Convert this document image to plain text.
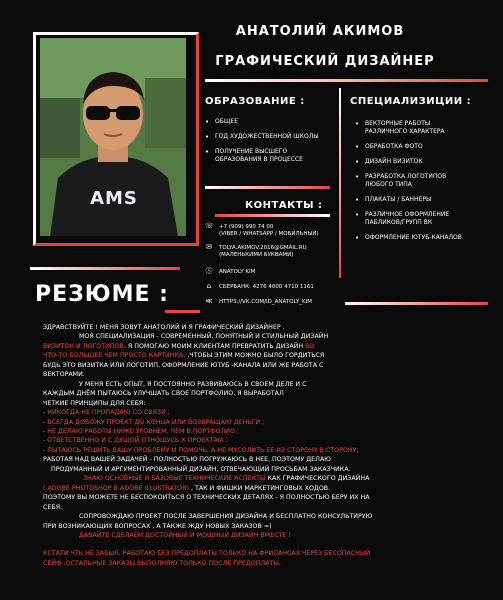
AMS
АНАТОЛИЙ АКИМОВ
ГРАФИЧЕСКИЙ ДИЗАЙНЕР
ОБРАЗОВАНИЕ :
• ОБЩЕЕ
• ГОД ХУДОЖЕСТВЕННОЙ ШКОЛЫ
• ПОЛУЧЕНИЕ ВЫСШЕГО ОБРАЗОВАНИЯ В ПРОЦЕССЕ
СПЕЦИАЛИЗИЦИИ :
• ВЕКТОРНЫЕ РАБОТЫ РАЗЛИЧНОГО ХАРАКТЕРА
• ОБРАБОТКА ФОТО
• ДИЗАЙН ВИЗИТОК
• РАЗРАБОТКА ЛОГОТИПОВ ЛЮБОГО ТИПА
• ПЛАКАТЫ / БАННЕРЫ
• РАЗЛИЧНОЕ ОФОРМЛЕНИЕ ПАБЛИКОВ/ГРУПП ВК
• ОФОРМЛЕНИЕ ЮТУБ-КАНАЛОВ
КОНТАКТЫ :
☏ +7 (909) 990 74 00
(VIBER / WHATSAPP / МОБИЛЬНЫЙ)
✉ TOLYA.AKIMOV.2016@GMAIL.RU
(МАЛЕНЬКИМИ БУКВАМИ)
Ⓢ ANATOLY KIM
⌂ СБЕРБАНК: 4276 4000 4710 1161
≪ HTTPS://VK.COM/ID_ANATOLY_KIM
РЕЗЮМЕ :

ЗДРАВСТВУЙТЕ ! МЕНЯ ЗОВУТ АНАТОЛИЙ И Я ГРАФИЧЕСКИЙ ДИЗАЙНЕР .

МОЯ СПЕЦИАЛИЗАЦИЯ - СОВРЕМЕННЫЙ, ПОНЯТНЫЙ И СТИЛЬНЫЙ ДИЗАЙН

ВИЗИТОК И ЛОГОТИПОВ. Я ПОМОГАЮ МОИМ КЛИЕНТАМ ПРЕВРАТИТЬ ДИЗАЙН ВО

ЧТО-ТО БОЛЬШЕЕ ЧЕМ ПРОСТО КАРТИНКА. ,ЧТОБЫ ЭТИМ МОЖНО БЫЛО ГОРДИТЬСЯ

БУДЬ ЭТО ВИЗИТКА ИЛИ ЛОГОТИП, ОФОРМЛЕНИЕ ЮТУБ -КАНАЛА ИЛИ ЖЕ РАБОТА С

ВЕКТОРАМИ.

У МЕНЯ ЕСТЬ ОПЫТ, Я ПОСТОЯННО РАЗВИВАЮСЬ В СВОЕМ ДЕЛЕ И С

КАЖДЫМ ДНЁМ ПЫТАЮСЬ УЛУЧШАТЬ СВОЕ ПОРТФОЛИО, Я ВЫРАБОТАЛ

ЧЕТКИЕ ПРИНЦИПЫ ДЛЯ СЕБЯ:

- НИКОГДА НЕ ПРОПАДАЮ СО СВЯЗИ ;

- ВСЕГДА ДОВОЖУ ПРОЕКТ ДО КОНЦА ИЛИ ВОЗВРАЩАЮ ДЕНЬГИ ;

- НЕ ДЕЛАЮ РАБОТЫ НИЖЕ УРОВНЕМ, ЧЕМ В ПОРТФОЛИО ;

- ОТВЕТСТВЕННО И С ДУШОЙ ОТНОШУСЬ К ПРОЕКТАМ ;

- ПЫТАЮСЬ РЕШИТЬ ВАШУ ПРОБЛЕМУ И ПОМОЧЬ, А НЕ МУСОЛИТЬ ЕЕ ИЗ СТОРОНУ В СТОРОНУ;

РАБОТАЯ НАД ВАШЕЙ ЗАДАЧЕЙ - ПОЛНОСТЬЮ ПОГРУЖАЮСЬ В НЕЕ, ПОЭТОМУ ДЕЛАЮ

ПРОДУМАННЫЙ И АРГУМЕНТИРОВАННЫЙ ДИЗАЙН, ОТВЕЧАЮЩИЙ ПРОСЬБАМ ЗАКАЗЧИКА.

ЗНАЮ ОСНОВНЫЕ И БАЗОВЫЕ ТЕХНИЧЕСКИЕ АСПЕКТЫ КАК ГРАФИЧЕСКОГО ДИЗАЙНА

( ADOBE PHOTOSHOP В ADOBE ILLUSTRATOR) , ТАК И ФИШКИ МАРКЕТИНГОВЫХ ХОДОВ.

ПОЭТОМУ ВЫ МОЖЕТЕ НЕ БЕСПОКОИТЬСЯ О ТЕХНИЧЕСКИХ ДЕТАЛЯХ - Я ПОЛНОСТЬЮ БЕРУ ИХ НА

СЕБЯ.

СОПРОВОЖДАЮ ПРОЕКТ ПОСЛЕ ЗАВЕРШЕНИЯ ДИЗАЙНА И БЕСПЛАТНО КОНСУЛЬТИРУЮ

ПРИ ВОЗНИКАЮЩИХ ВОПРОСАХ , А ТАКЖЕ ЖДУ НОВЫХ ЗАКАЗОВ =)

ДАВАЙТЕ СДЕЛАЕМ ДОСТОЙНЫЙ И МОЩНЫЙ ДИЗАЙН ВМЕСТЕ !

КСТАТИ ЧТЬ НЕ ЗАБЫЛ, РАБОТАЮ БЕЗ ПРЕДОПЛАТЫ ТОЛЬКО НА ФРИЛАНСАХ ЧЕРЕЗ БЕСОПАСНЫЙ

СЕЙФ ,ОСТАЛЬНЫЕ ЗАКАЗЫ ВЫПОЛНЯЮ ТОЛЬКО ПОСЛЕ ПРЕДОПЛАТЫ.
